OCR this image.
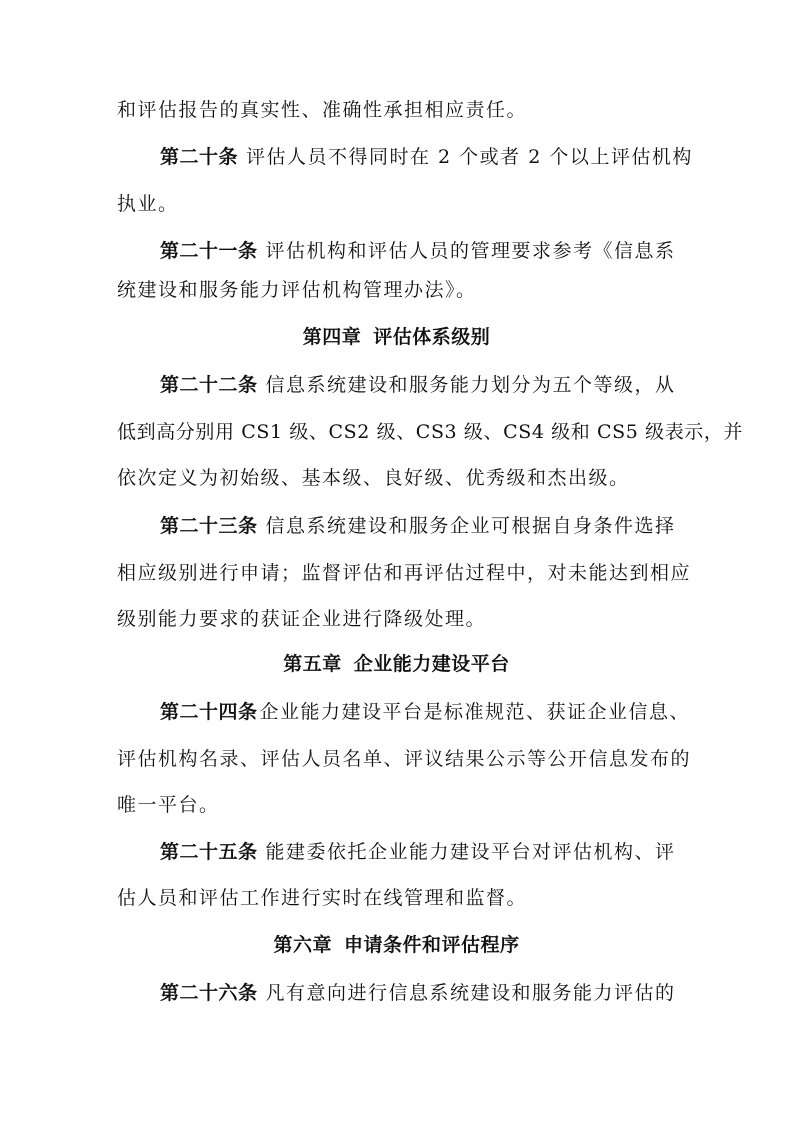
和评估报告的真实性、准确性承担相应责任。
第二十条 评估人员不得同时在 2 个或者 2 个以上评估机构
执业。
第二十一条 评估机构和评估人员的管理要求参考《信息系
统建设和服务能力评估机构管理办法》。
第四章 评估体系级别
第二十二条 信息系统建设和服务能力划分为五个等级，从
低到高分别用 CS1 级、CS2 级、CS3 级、CS4 级和 CS5 级表示，并
依次定义为初始级、基本级、良好级、优秀级和杰出级。
第二十三条 信息系统建设和服务企业可根据自身条件选择
相应级别进行申请；监督评估和再评估过程中，对未能达到相应
级别能力要求的获证企业进行降级处理。
第五章 企业能力建设平台
第二十四条 企业能力建设平台是标准规范、获证企业信息、
评估机构名录、评估人员名单、评议结果公示等公开信息发布的
唯一平台。
第二十五条 能建委依托企业能力建设平台对评估机构、评
估人员和评估工作进行实时在线管理和监督。
第六章 申请条件和评估程序
第二十六条 凡有意向进行信息系统建设和服务能力评估的
